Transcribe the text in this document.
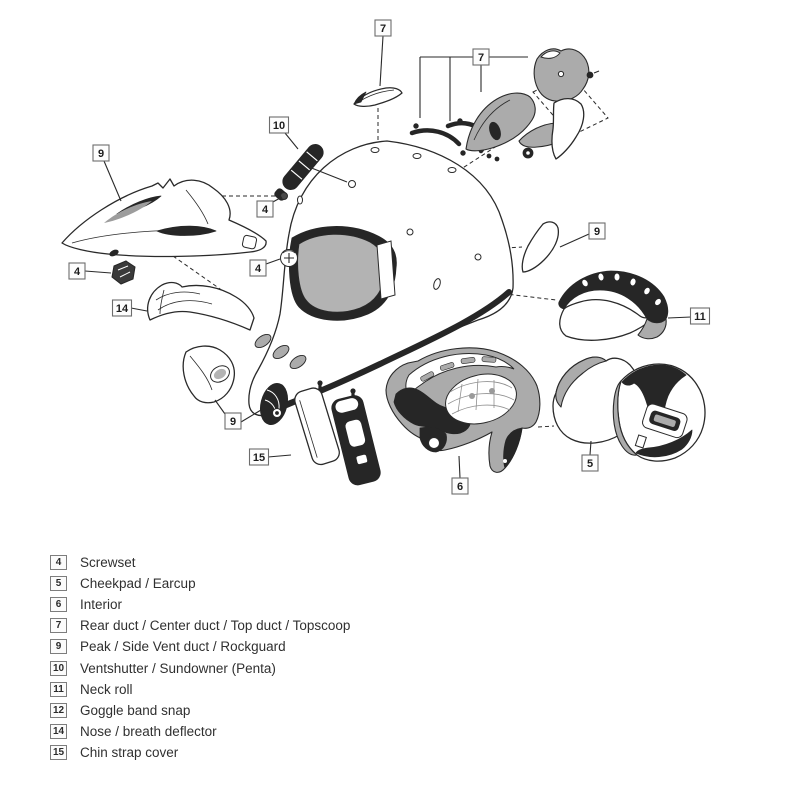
7
7
10
9
4
4	4
14
9
11
5
9
15
6
4	Screwset
5	Cheekpad / Earcup
6	Interior
7	Rear duct / Center duct / Top duct / Topscoop
9	Peak / Side Vent duct / Rockguard
10 Ventshutter / Sundowner (Penta)
11 Neck roll
12 Goggle band snap
14 Nose / breath deflector
15 Chin strap cover
